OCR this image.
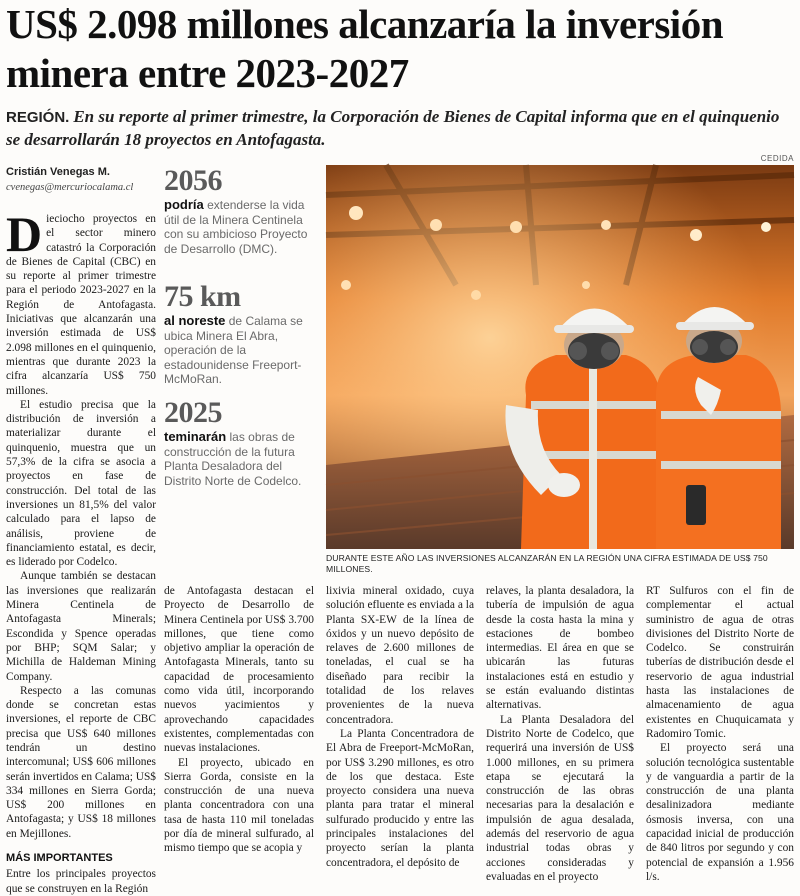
US$ 2.098 millones alcanzaría la inversión minera entre 2023-2027
REGIÓN. En su reporte al primer trimestre, la Corporación de Bienes de Capital informa que en el quinquenio se desarrollarán 18 proyectos en Antofagasta.
Cristián Venegas M.
cvenegas@mercuriocalama.cl
CEDIDA

Dieciocho proyectos en el sector minero catastró la Corporación de Bienes de Capital (CBC) en su reporte al primer trimestre para el periodo 2023-2027 en la Región de Antofagasta. Iniciativas que alcanzarán una inversión estimada de US$ 2.098 millones en el quinquenio, mientras que durante 2023 la cifra alcanzaría US$ 750 millones.

El estudio precisa que la distribución de inversión a materializar durante el quinquenio, muestra que un 57,3% de la cifra se asocia a proyectos en fase de construcción. Del total de las inversiones un 81,5% del valor calculado para el lapso de análisis, proviene de financiamiento estatal, es decir, es liderado por Codelco.

Aunque también se destacan las inversiones que realizarán Minera Centinela de Antofagasta Minerals; Escondida y Spence operadas por BHP; SQM Salar; y Michilla de Haldeman Mining Company.

Respecto a las comunas donde se concretan estas inversiones, el reporte de CBC precisa que US$ 640 millones tendrán un destino intercomunal; US$ 606 millones serán invertidos en Calama; US$ 334 millones en Sierra Gorda; US$ 200 millones en Antofagasta; y US$ 18 millones en Mejillones.

MÁS IMPORTANTES

Entre los principales proyectos que se construyen en la Región

2056
podría extenderse la vida útil de la Minera Centinela con su ambicioso Proyecto de Desarrollo (DMC).
75 km
al noreste de Calama se ubica Minera El Abra, operación de la estadounidense Freeport-McMoRan.
2025
teminarán las obras de construcción de la futura Planta Desaladora del Distrito Norte de Codelco.
DURANTE ESTE AÑO LAS INVERSIONES ALCANZARÁN EN LA REGIÓN UNA CIFRA ESTIMADA DE US$ 750 MILLONES.

de Antofagasta destacan el Proyecto de Desarrollo de Minera Centinela por US$ 3.700 millones, que tiene como objetivo ampliar la operación de Antofagasta Minerals, tanto su capacidad de procesamiento como vida útil, incorporando nuevos yacimientos y aprovechando capacidades existentes, complementadas con nuevas instalaciones.

El proyecto, ubicado en Sierra Gorda, consiste en la construcción de una nueva planta concentradora con una tasa de hasta 110 mil toneladas por día de mineral sulfurado, al mismo tiempo que se acopia y

lixivia mineral oxidado, cuya solución efluente es enviada a la Planta SX-EW de la línea de óxidos y un nuevo depósito de relaves de 2.600 millones de toneladas, el cual se ha diseñado para recibir la totalidad de los relaves provenientes de la nueva concentradora.

La Planta Concentradora de El Abra de Freeport-McMoRan, por US$ 3.290 millones, es otro de los que destaca. Este proyecto considera una nueva planta para tratar el mineral sulfurado producido y entre las principales instalaciones del proyecto serían la planta concentradora, el depósito de

relaves, la planta desaladora, la tubería de impulsión de agua desde la costa hasta la mina y estaciones de bombeo intermedias. El área en que se ubicarán las futuras instalaciones está en estudio y se están evaluando distintas alternativas.

La Planta Desaladora del Distrito Norte de Codelco, que requerirá una inversión de US$ 1.000 millones, en su primera etapa se ejecutará la construcción de las obras necesarias para la desalación e impulsión de agua desalada, además del reservorio de agua industrial todas obras y acciones consideradas y evaluadas en el proyecto

RT Sulfuros con el fin de complementar el actual suministro de agua de otras divisiones del Distrito Norte de Codelco. Se construirán tuberías de distribución desde el reservorio de agua industrial hasta las instalaciones de almacenamiento de agua existentes en Chuquicamata y Radomiro Tomic.

El proyecto será una solución tecnológica sustentable y de vanguardia a partir de la construcción de una planta desalinizadora mediante ósmosis inversa, con una capacidad inicial de producción de 840 litros por segundo y con potencial de expansión a 1.956 l/s.
